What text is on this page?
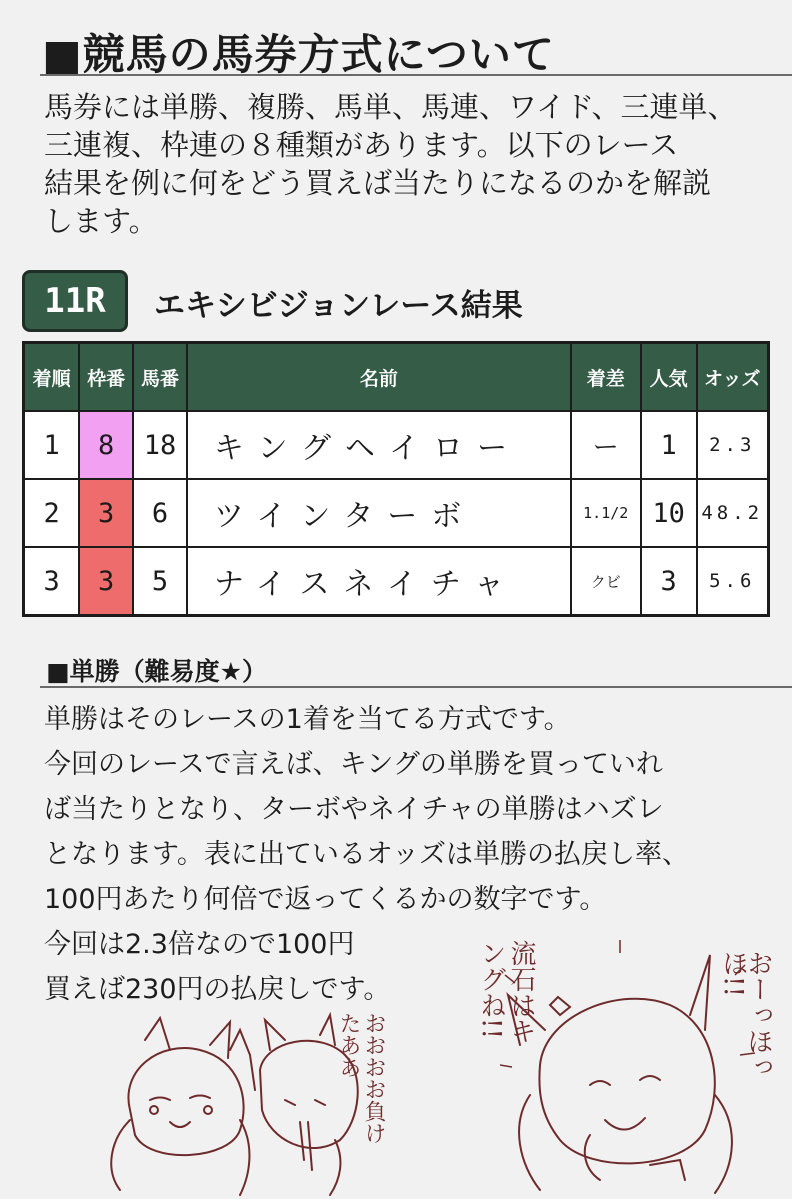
■競馬の馬券方式について
馬券には単勝、複勝、馬単、馬連、ワイド、三連単、
三連複、枠連の８種類があります。以下のレース
結果を例に何をどう買えば当たりになるのかを解説
します。
11R	エキシビジョンレース結果
着順	枠番	馬番	名前	着差	人気	オッズ
1	8	18	キングヘイロー	ー	1	2.3
2	3	6	ツインターボ	1.1/2	10	48.2
3	3	5	ナイスネイチャ	クビ	3	5.6
■単勝（難易度★）
単勝はそのレースの1着を当てる方式です。
今回のレースで言えば、キングの単勝を買っていれ
ば当たりとなり、ターボやネイチャの単勝はハズレ
となります。表に出ているオッズは単勝の払戻し率、
100円あたり何倍で返ってくるかの数字です。
今回は2.3倍なので100円
買えば230円の払戻しです。
おおおお負けたああ
流石はキングね!!	おーっほっほ!!
